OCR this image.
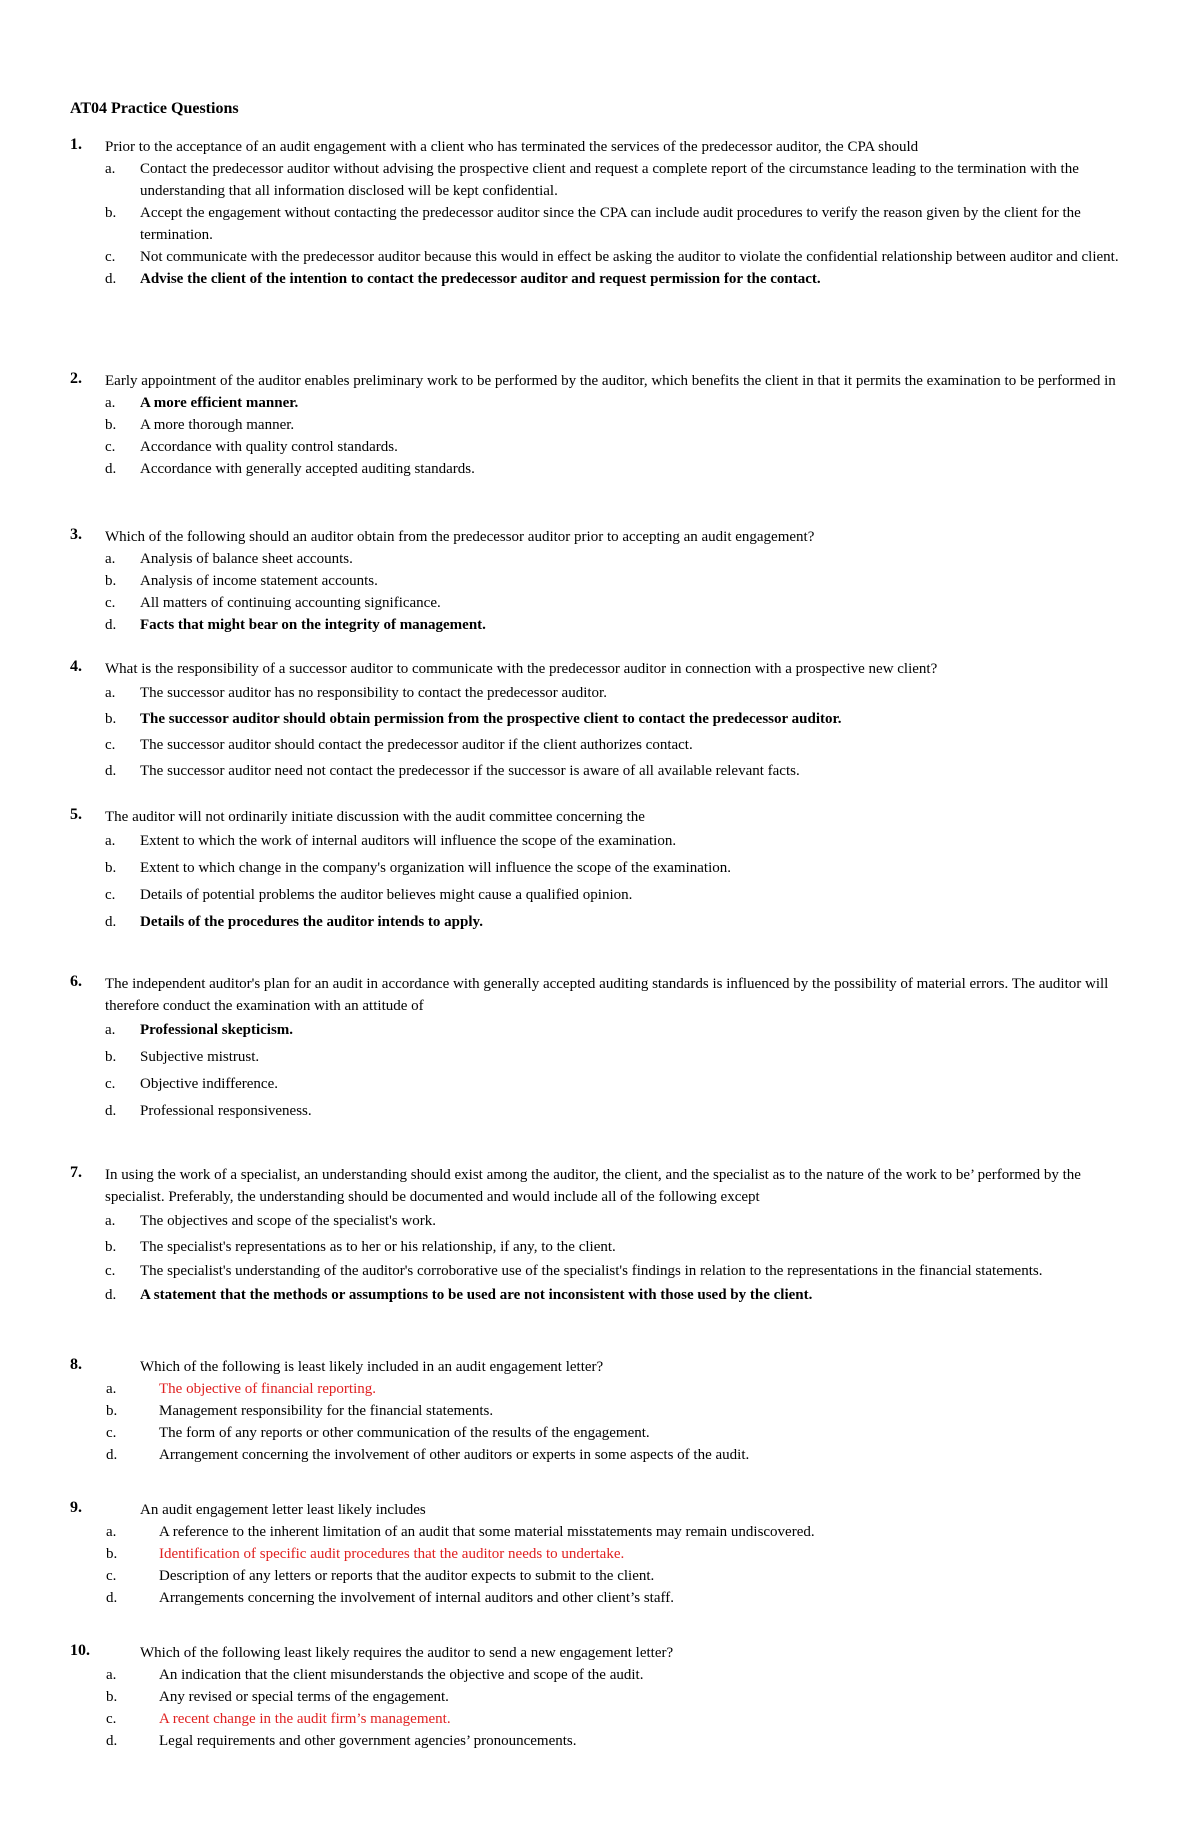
AT04 Practice Questions
1. Prior to the acceptance of an audit engagement with a client who has terminated the services of the predecessor auditor, the CPA should
a. Contact the predecessor auditor without advising the prospective client and request a complete report of the circumstance leading to the termination with the understanding that all information disclosed will be kept confidential.
b. Accept the engagement without contacting the predecessor auditor since the CPA can include audit procedures to verify the reason given by the client for the termination.
c. Not communicate with the predecessor auditor because this would in effect be asking the auditor to violate the confidential relationship between auditor and client.
d. Advise the client of the intention to contact the predecessor auditor and request permission for the contact.
2. Early appointment of the auditor enables preliminary work to be performed by the auditor, which benefits the client in that it permits the examination to be performed in
a. A more efficient manner.
b. A more thorough manner.
c. Accordance with quality control standards.
d. Accordance with generally accepted auditing standards.
3. Which of the following should an auditor obtain from the predecessor auditor prior to accepting an audit engagement?
a. Analysis of balance sheet accounts.
b. Analysis of income statement accounts.
c. All matters of continuing accounting significance.
d. Facts that might bear on the integrity of management.
4. What is the responsibility of a successor auditor to communicate with the predecessor auditor in connection with a prospective new client?
a. The successor auditor has no responsibility to contact the predecessor auditor.
b. The successor auditor should obtain permission from the prospective client to contact the predecessor auditor.
c. The successor auditor should contact the predecessor auditor if the client authorizes contact.
d. The successor auditor need not contact the predecessor if the successor is aware of all available relevant facts.
5. The auditor will not ordinarily initiate discussion with the audit committee concerning the
a. Extent to which the work of internal auditors will influence the scope of the examination.
b. Extent to which change in the company's organization will influence the scope of the examination.
c. Details of potential problems the auditor believes might cause a qualified opinion.
d. Details of the procedures the auditor intends to apply.
6. The independent auditor's plan for an audit in accordance with generally accepted auditing standards is influenced by the possibility of material errors. The auditor will therefore conduct the examination with an attitude of
a. Professional skepticism.
b. Subjective mistrust.
c. Objective indifference.
d. Professional responsiveness.
7. In using the work of a specialist, an understanding should exist among the auditor, the client, and the specialist as to the nature of the work to be’ performed by the specialist. Preferably, the understanding should be documented and would include all of the following except
a. The objectives and scope of the specialist's work.
b. The specialist's representations as to her or his relationship, if any, to the client.
c. The specialist's understanding of the auditor's corroborative use of the specialist's findings in relation to the representations in the financial statements.
d. A statement that the methods or assumptions to be used are not inconsistent with those used by the client.
8.	Which of the following is least likely included in an audit engagement letter?
a.	The objective of financial reporting.
b.	Management responsibility for the financial statements.
c.	The form of any reports or other communication of the results of the engagement.
d.	Arrangement concerning the involvement of other auditors or experts in some aspects of the audit.
9.	An audit engagement letter least likely includes
a.	A reference to the inherent limitation of an audit that some material misstatements may remain undiscovered.
b.	Identification of specific audit procedures that the auditor needs to undertake.
c.	Description of any letters or reports that the auditor expects to submit to the client.
d.	Arrangements concerning the involvement of internal auditors and other client’s staff.
10.	Which of the following least likely requires the auditor to send a new engagement letter?
a.	An indication that the client misunderstands the objective and scope of the audit.
b.	Any revised or special terms of the engagement.
c.	A recent change in the audit firm’s management.
d.	Legal requirements and other government agencies’ pronouncements.
